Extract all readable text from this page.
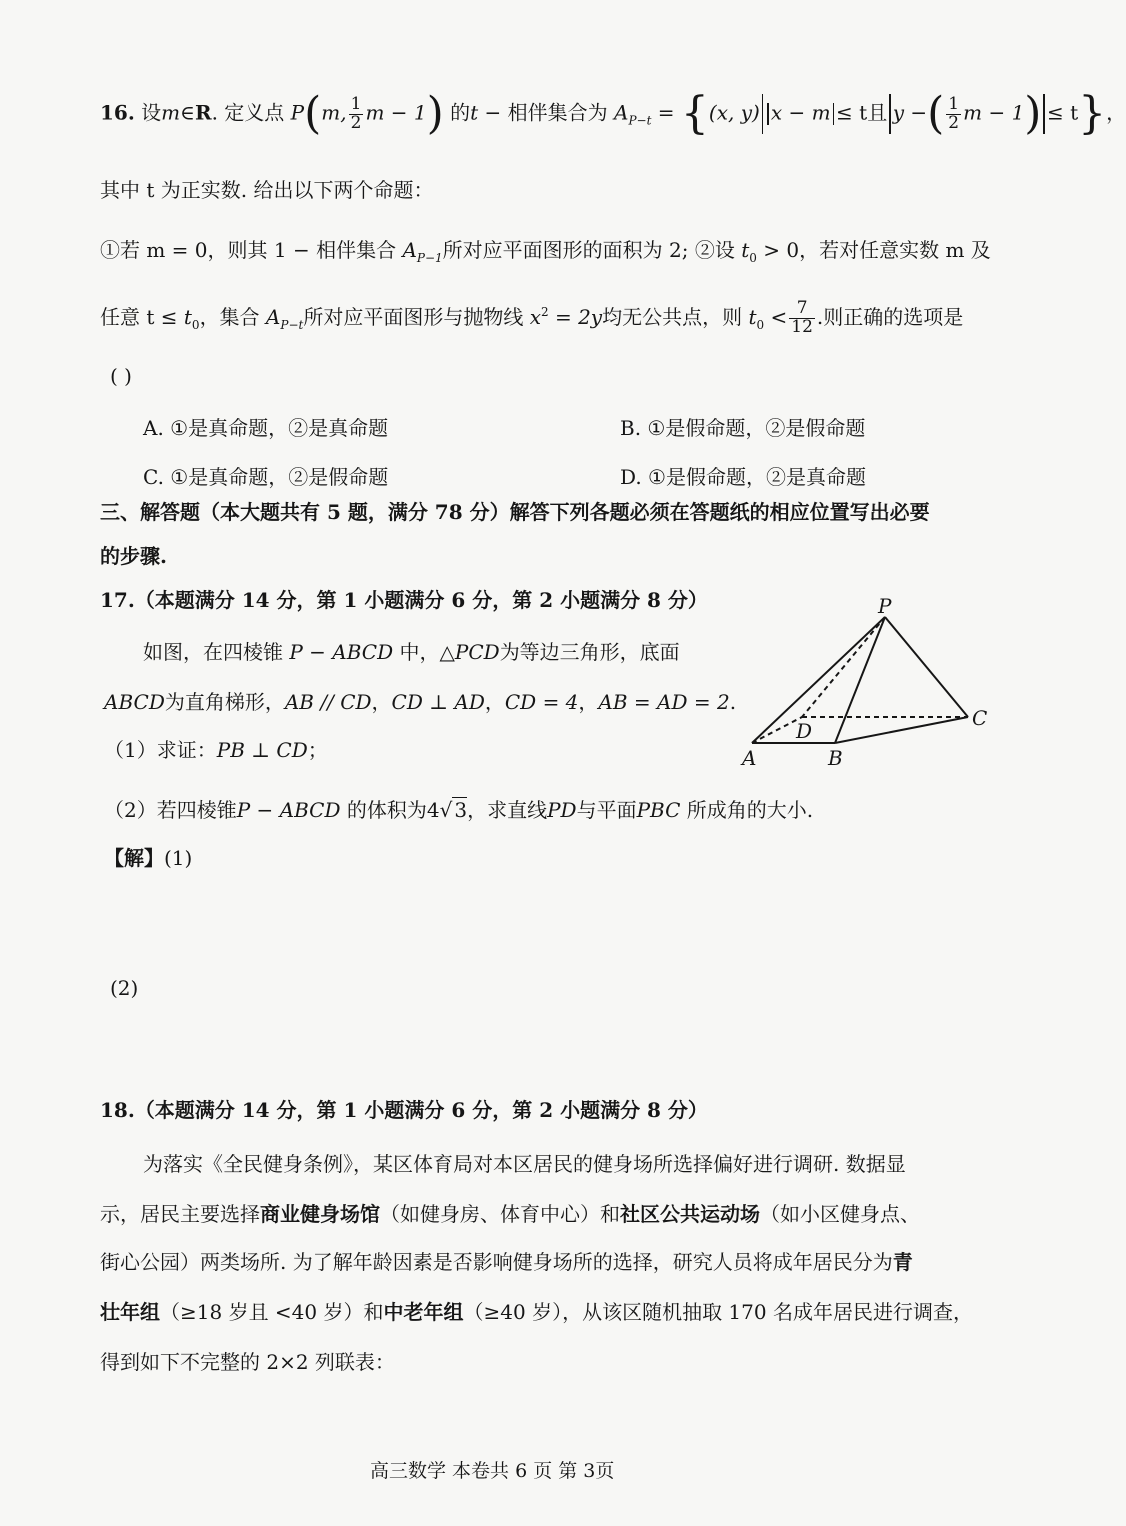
16. 设m∈R. 定义点 P(m, $\frac{1}{2}$ m − 1) 的t − 相伴集合为 $A_{P-t} = \{(x$, y) x − m ≤ t且 y −( $\frac{1}{2}$ m − 1) ≤ t}，
其中 t 为正实数. 给出以下两个命题：
①若 m = 0，则其 1 − 相伴集合 $A_{P-1}$所对应平面图形的面积为 2; ②设 $t_0 > 0$，若对任意实数 m 及
任意 $t \le t_0$，集合 $A_{P-t}$所对应平面图形与抛物线 $x^2 = 2y$均无公共点，则 $t_0 < \frac{7}{12}$ .则正确的选项是
( )
A. ①是真命题，②是真命题	B. ①是假命题，②是假命题
C. ①是真命题，②是假命题	D. ①是假命题，②是真命题
三、解答题（本大题共有 5 题，满分 78 分）解答下列各题必须在答题纸的相应位置写出必要
的步骤.
17.（本题满分 14 分，第 1 小题满分 6 分，第 2 小题满分 8 分）
如图，在四棱锥 P − ABCD 中，△PCD为等边三角形，底面
ABCD为直角梯形，AB // CD，CD ⊥ AD，CD = 4，AB = AD = 2.
（1）求证：PB ⊥ CD；
（2）若四棱锥P − ABCD 的体积为4√ 3，求直线PD与平面PBC 所成角的大小.
【解】(1)
(2)
P
A	B
C
D
18.（本题满分 14 分，第 1 小题满分 6 分，第 2 小题满分 8 分）
为落实《全民健身条例》，某区体育局对本区居民的健身场所选择偏好进行调研. 数据显
示，居民主要选择商业健身场馆（如健身房、体育中心）和社区公共运动场（如小区健身点、
街心公园）两类场所. 为了解年龄因素是否影响健身场所的选择，研究人员将成年居民分为青
壮年组（≥18 岁且 <40 岁）和中老年组（≥40 岁），从该区随机抽取 170 名成年居民进行调查，
得到如下不完整的 2×2 列联表：
高三数学 本卷共 6 页 第 3页
